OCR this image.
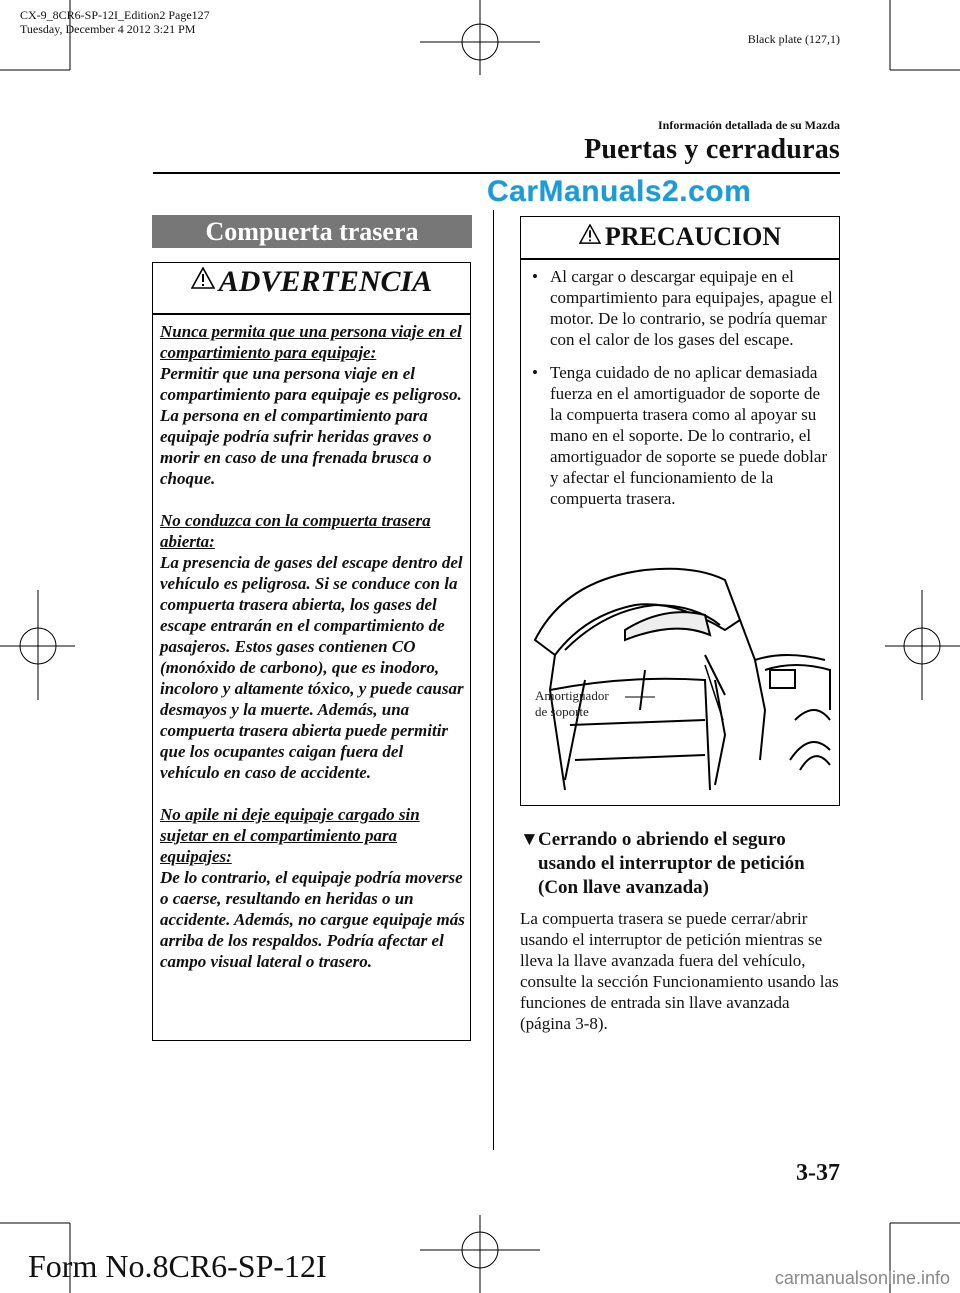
CX-9_8CR6-SP-12I_Edition2 Page127
Tuesday, December 4 2012 3:21 PM
Black plate (127,1)
Información detallada de su Mazda
Puertas y cerraduras
CarManuals2.com
Compuerta trasera
ADVERTENCIA

Nunca permita que una persona viaje en el compartimiento para equipaje:
Permitir que una persona viaje en el compartimiento para equipaje es peligroso. La persona en el compartimiento para equipaje podría sufrir heridas graves o morir en caso de una frenada brusca o choque.

No conduzca con la compuerta trasera abierta:
La presencia de gases del escape dentro del vehículo es peligrosa. Si se conduce con la compuerta trasera abierta, los gases del escape entrarán en el compartimiento de pasajeros. Estos gases contienen CO (monóxido de carbono), que es inodoro, incoloro y altamente tóxico, y puede causar desmayos y la muerte. Además, una compuerta trasera abierta puede permitir que los ocupantes caigan fuera del vehículo en caso de accidente.

No apile ni deje equipaje cargado sin sujetar en el compartimiento para equipajes:
De lo contrario, el equipaje podría moverse o caerse, resultando en heridas o un accidente. Además, no cargue equipaje más arriba de los respaldos. Podría afectar el campo visual lateral o trasero.

PRECAUCION
• Al cargar o descargar equipaje en el compartimiento para equipajes, apague el motor. De lo contrario, se podría quemar con el calor de los gases del escape.
• Tenga cuidado de no aplicar demasiada fuerza en el amortiguador de soporte de la compuerta trasera como al apoyar su mano en el soporte. De lo contrario, el amortiguador de soporte se puede doblar y afectar el funcionamiento de la compuerta trasera.
Amortiguador
de soporte
▼ Cerrando o abriendo el seguro usando el interruptor de petición (Con llave avanzada)
La compuerta trasera se puede cerrar/abrir usando el interruptor de petición mientras se lleva la llave avanzada fuera del vehículo, consulte la sección Funcionamiento usando las funciones de entrada sin llave avanzada (página 3-8).
3-37
Form No.8CR6-SP-12I	carmanualsonline.info
